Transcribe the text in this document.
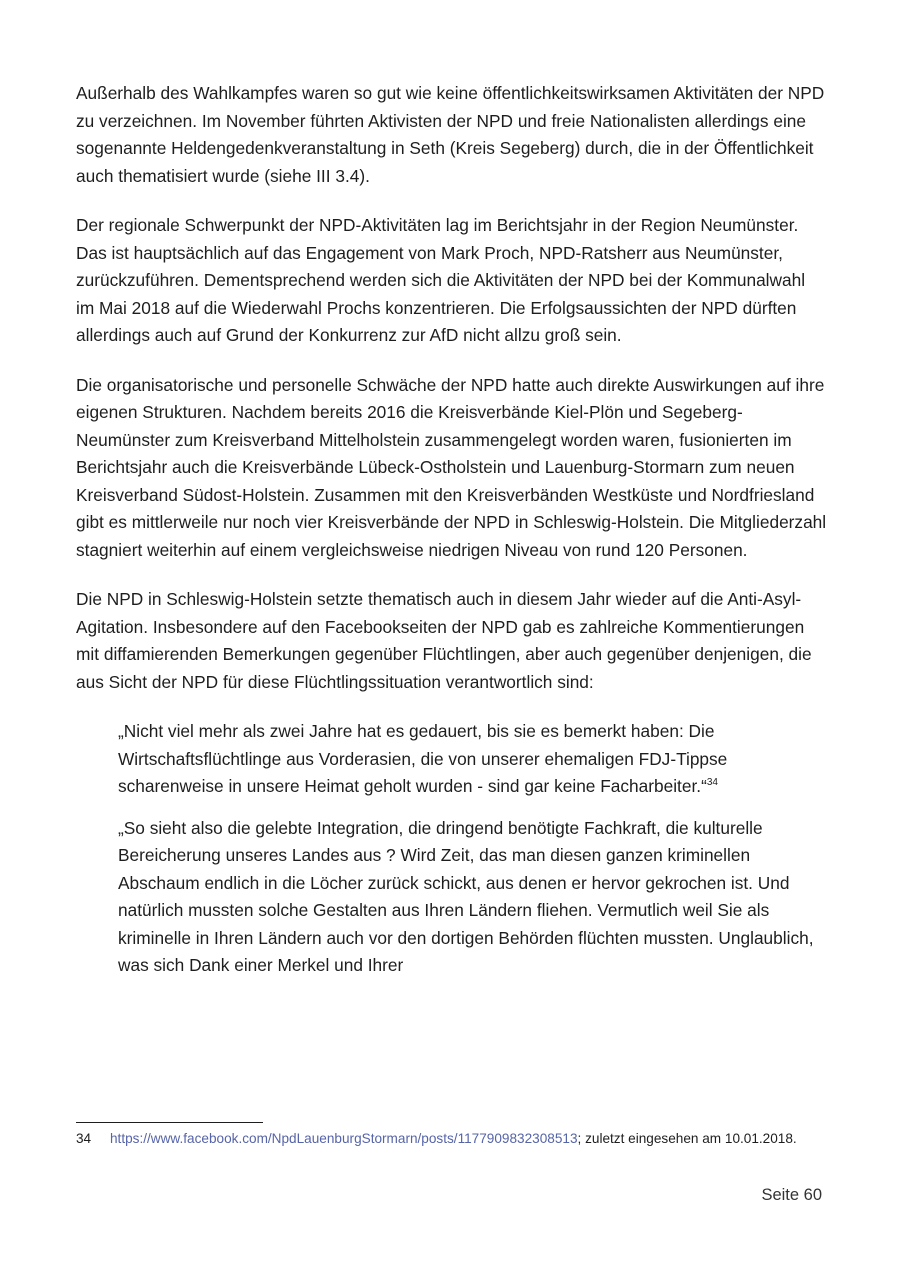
Außerhalb des Wahlkampfes waren so gut wie keine öffentlichkeitswirksamen Aktivitäten der NPD zu verzeichnen. Im November führten Aktivisten der NPD und freie Nationalisten allerdings eine sogenannte Heldengedenkveranstaltung in Seth (Kreis Segeberg) durch, die in der Öffentlichkeit auch thematisiert wurde (siehe III 3.4).

Der regionale Schwerpunkt der NPD-Aktivitäten lag im Berichtsjahr in der Region Neumünster. Das ist hauptsächlich auf das Engagement von Mark Proch, NPD-Ratsherr aus Neumünster, zurückzuführen. Dementsprechend werden sich die Aktivitäten der NPD bei der Kommunalwahl im Mai 2018 auf die Wiederwahl Prochs konzentrieren. Die Erfolgsaussichten der NPD dürften allerdings auch auf Grund der Konkurrenz zur AfD nicht allzu groß sein.

Die organisatorische und personelle Schwäche der NPD hatte auch direkte Auswirkungen auf ihre eigenen Strukturen. Nachdem bereits 2016 die Kreisverbände Kiel-Plön und Segeberg-Neumünster zum Kreisverband Mittelholstein zusammengelegt worden waren, fusionierten im Berichtsjahr auch die Kreisverbände Lübeck-Ostholstein und Lauenburg-Stormarn zum neuen Kreisverband Südost-Holstein. Zusammen mit den Kreisverbänden Westküste und Nordfriesland gibt es mittlerweile nur noch vier Kreisverbände der NPD in Schleswig-Holstein. Die Mitgliederzahl stagniert weiterhin auf einem vergleichsweise niedrigen Niveau von rund 120 Personen.

Die NPD in Schleswig-Holstein setzte thematisch auch in diesem Jahr wieder auf die Anti-Asyl-Agitation. Insbesondere auf den Facebookseiten der NPD gab es zahlreiche Kommentierungen mit diffamierenden Bemerkungen gegenüber Flüchtlingen, aber auch gegenüber denjenigen, die aus Sicht der NPD für diese Flüchtlingssituation verantwortlich sind:

„Nicht viel mehr als zwei Jahre hat es gedauert, bis sie es bemerkt haben: Die Wirtschaftsflüchtlinge aus Vorderasien, die von unserer ehemaligen FDJ-Tippse scharenweise in unsere Heimat geholt wurden - sind gar keine Facharbeiter.“$^{34}$

„So sieht also die gelebte Integration, die dringend benötigte Fachkraft, die kulturelle Bereicherung unseres Landes aus ? Wird Zeit, das man diesen ganzen kriminellen Abschaum endlich in die Löcher zurück schickt, aus denen er hervor gekrochen ist. Und natürlich mussten solche Gestalten aus Ihren Ländern fliehen. Vermutlich weil Sie als kriminelle in Ihren Ländern auch vor den dortigen Behörden flüchten mussten. Unglaublich, was sich Dank einer Merkel und Ihrer

34 https://www.facebook.com/NpdLauenburgStormarn/posts/1177909832308513; zuletzt eingesehen am 10.01.2018.
Seite 60
